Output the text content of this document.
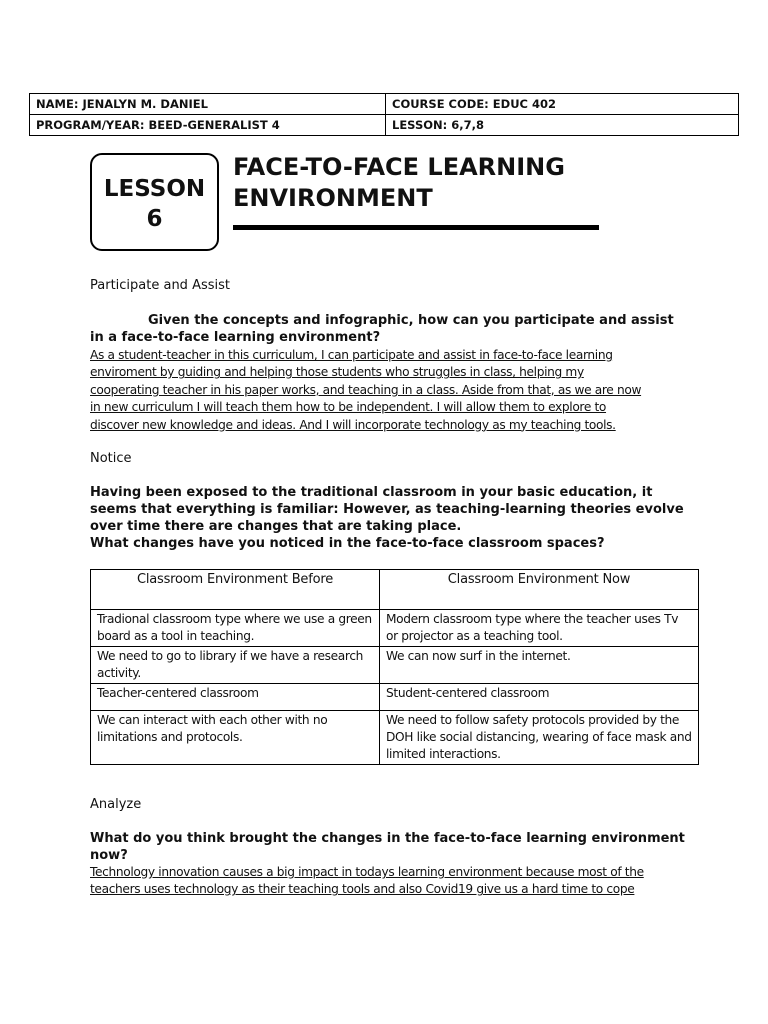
NAME: JENALYN M. DANIEL	COURSE CODE: EDUC 402
PROGRAM/YEAR: BEED-GENERALIST 4	LESSON: 6,7,8
LESSON
6
FACE-TO-FACE LEARNING
ENVIRONMENT
Participate and Assist
Given the concepts and infographic, how can you participate and assist in a face-to-face learning environment?
As a student-teacher in this curriculum, I can participate and assist in face-to-face learning
enviroment by guiding and helping those students who struggles in class, helping my
cooperating teacher in his paper works, and teaching in a class. Aside from that, as we are now
in new curriculum I will teach them how to be independent. I will allow them to explore to
discover new knowledge and ideas. And I will incorporate technology as my teaching tools.
Notice
Having been exposed to the traditional classroom in your basic education, it seems that everything is familiar: However, as teaching-learning theories evolve over time there are changes that are taking place.
What changes have you noticed in the face-to-face classroom spaces?
Classroom Environment Before	Classroom Environment Now
Tradional classroom type where we use a green board as a tool in teaching.	Modern classroom type where the teacher uses Tv or projector as a teaching tool.
We need to go to library if we have a research activity.	We can now surf in the internet.
Teacher-centered classroom	Student-centered classroom
We can interact with each other with no limitations and protocols.	We need to follow safety protocols provided by the DOH like social distancing, wearing of face mask and limited interactions.
Analyze
What do you think brought the changes in the face-to-face learning environment now?
Technology innovation causes a big impact in todays learning environment because most of the
teachers uses technology as their teaching tools and also Covid19 give us a hard time to cope
